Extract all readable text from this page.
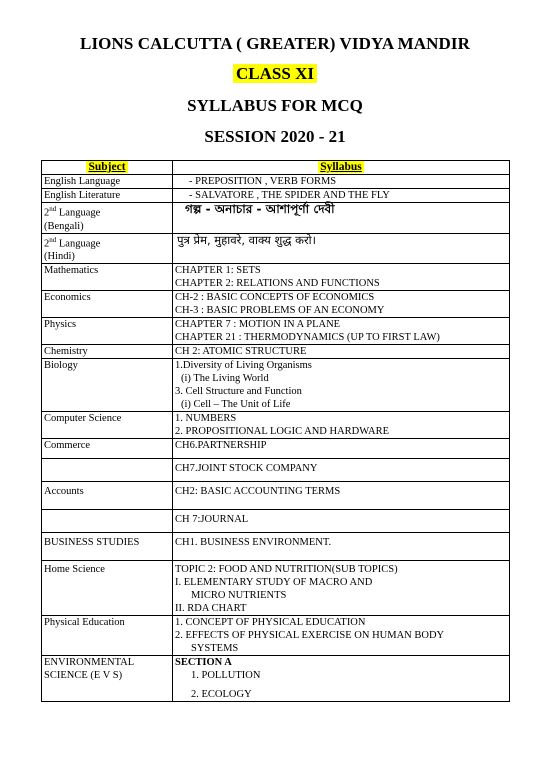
LIONS CALCUTTA ( GREATER) VIDYA MANDIR
CLASS XI
SYLLABUS FOR MCQ
SESSION 2020 - 21
Subject	Syllabus
English Language	- PREPOSITION , VERB FORMS

English Literature	- SALVATORE , THE SPIDER AND THE FLY

2nd Language
(Bengali)	গল্প - অনাচার - আশাপূর্ণা দেবী

2nd Language
(Hindi)	पुत्र प्रेम, मुहावरे, वाक्य शुद्ध करो।

Mathematics	CHAPTER 1: SETS
CHAPTER 2: RELATIONS AND FUNCTIONS

Economics	CH-2 : BASIC CONCEPTS OF ECONOMICS
CH-3 : BASIC PROBLEMS OF AN ECONOMY

Physics	CHAPTER 7 : MOTION IN A PLANE
CHAPTER 21 : THERMODYNAMICS (UP TO FIRST LAW)

Chemistry	CH 2: ATOMIC STRUCTURE

Biology	1.Diversity of Living Organisms
(i) The Living World
3. Cell Structure and Function
(i) Cell – The Unit of Life

Computer Science	1. NUMBERS
2. PROPOSITIONAL LOGIC AND HARDWARE

Commerce	CH6.PARTNERSHIP

	CH7.JOINT STOCK COMPANY

Accounts	CH2: BASIC ACCOUNTING TERMS

	CH 7:JOURNAL

BUSINESS STUDIES	CH1. BUSINESS ENVIRONMENT.

Home Science	TOPIC 2: FOOD AND NUTRITION(SUB TOPICS)
I. ELEMENTARY STUDY OF MACRO AND
MICRO NUTRIENTS
II. RDA CHART

Physical Education	1. CONCEPT OF PHYSICAL EDUCATION
2. EFFECTS OF PHYSICAL EXERCISE ON HUMAN BODY
SYSTEMS

ENVIRONMENTAL
SCIENCE (E V S)	SECTION A
1. POLLUTION
2. ECOLOGY
